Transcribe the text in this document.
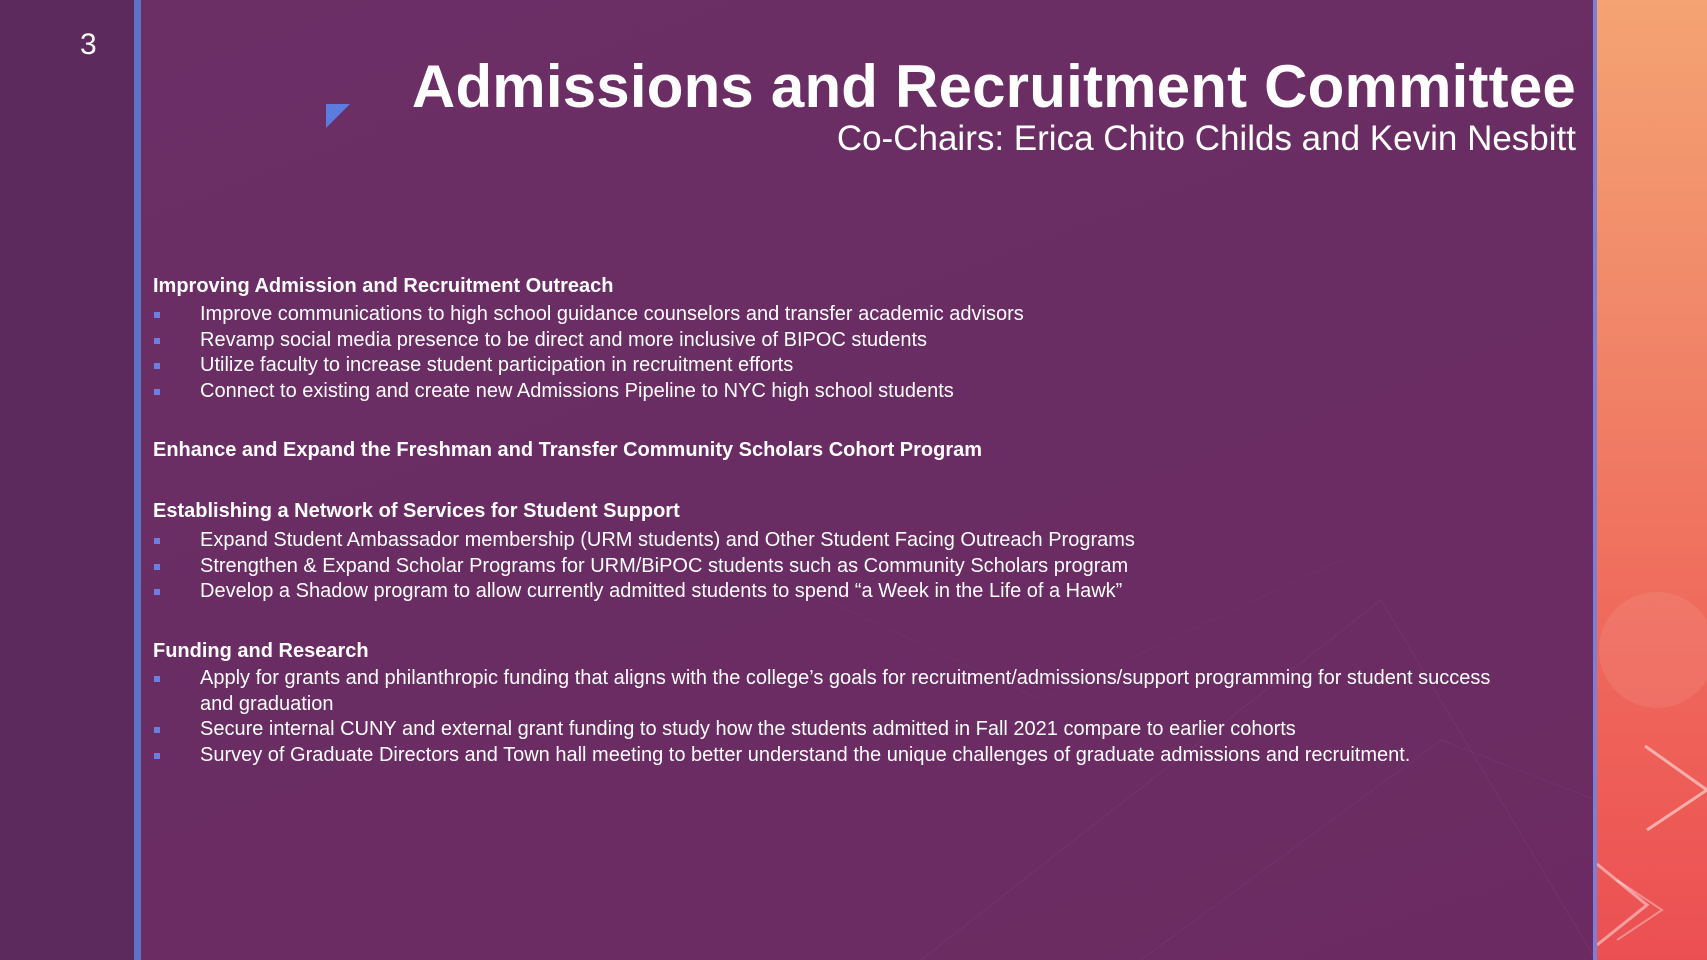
3
Admissions and Recruitment Committee
Co-Chairs: Erica Chito Childs and Kevin Nesbitt
Improving Admission and Recruitment Outreach
Improve communications to high school guidance counselors and transfer academic advisors
Revamp social media presence to be direct and more inclusive of BIPOC students
Utilize faculty to increase student participation in recruitment efforts
Connect to existing and create new Admissions Pipeline to NYC high school students
Enhance and Expand the Freshman and Transfer Community Scholars Cohort Program
Establishing a Network of Services for Student Support
Expand Student Ambassador membership (URM students) and Other Student Facing Outreach Programs
Strengthen & Expand Scholar Programs for URM/BiPOC students such as Community Scholars program
Develop a Shadow program to allow currently admitted students to spend “a Week in the Life of a Hawk”
Funding and Research
Apply for grants and philanthropic funding that aligns with the college’s goals for recruitment/admissions/support programming for student success and graduation
Secure internal CUNY and external grant funding to study how the students admitted in Fall 2021 compare to earlier cohorts
Survey of Graduate Directors and Town hall meeting to better understand the unique challenges of graduate admissions and recruitment.
